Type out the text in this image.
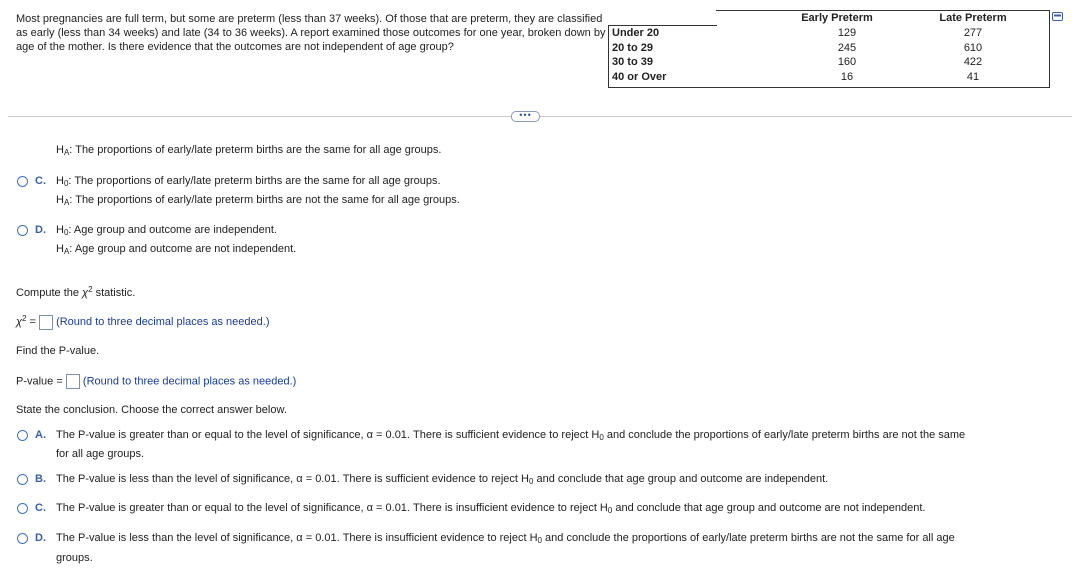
Most pregnancies are full term, but some are preterm (less than 37 weeks). Of those that are preterm, they are classified as early (less than 34 weeks) and late (34 to 36 weeks). A report examined those outcomes for one year, broken down by age of the mother. Is there evidence that the outcomes are not independent of age group?
Under 20
20 to 29
30 to 39
40 or Over
Early Preterm	Late Preterm
129
245
160
16
277
610
422
41
•••
$H_A$: The proportions of early/late preterm births are the same for all age groups.
C. $H_0$: The proportions of early/late preterm births are the same for all age groups.
$H_A$: The proportions of early/late preterm births are not the same for all age groups.
D. $H_0$: Age group and outcome are independent.
$H_A$: Age group and outcome are not independent.
Compute the $\chi^2$ statistic.
$\chi^2$ = (Round to three decimal places as needed.)
Find the P-value.
P-value = (Round to three decimal places as needed.)
State the conclusion. Choose the correct answer below.
A. The P-value is greater than or equal to the level of significance, α = 0.01. There is sufficient evidence to reject $H_0$ and conclude the proportions of early/late preterm births are not the same
for all age groups.
B. The P-value is less than the level of significance, α = 0.01. There is sufficient evidence to reject $H_0$ and conclude that age group and outcome are independent.
C. The P-value is greater than or equal to the level of significance, α = 0.01. There is insufficient evidence to reject $H_0$ and conclude that age group and outcome are not independent.
D. The P-value is less than the level of significance, α = 0.01. There is insufficient evidence to reject $H_0$ and conclude the proportions of early/late preterm births are not the same for all age
groups.
